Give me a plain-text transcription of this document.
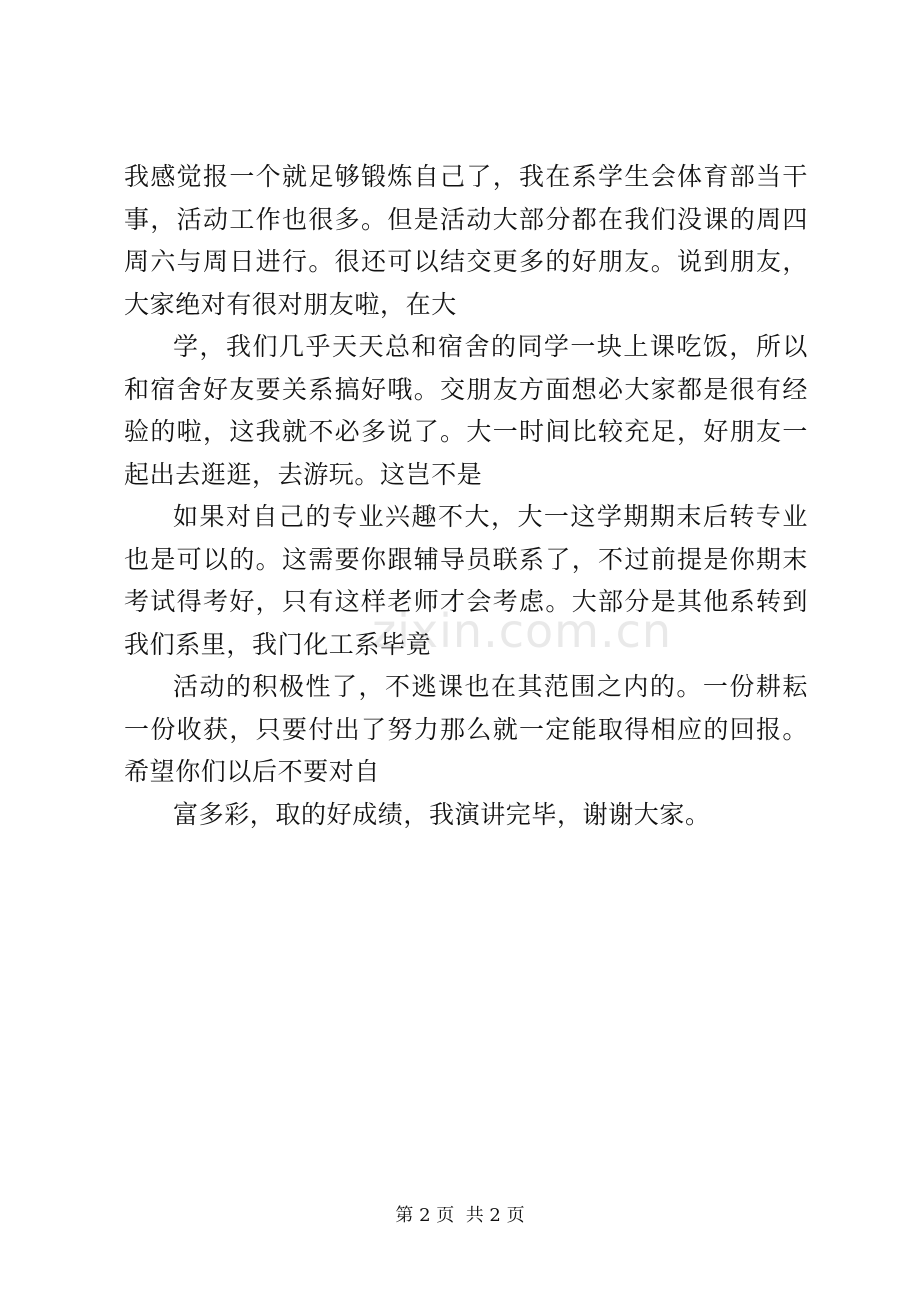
zixin.com.cn

我感觉报一个就足够锻炼自己了，我在系学生会体育部当干事，活动工作也很多。但是活动大部分都在我们没课的周四周六与周日进行。很还可以结交更多的好朋友。说到朋友，大家绝对有很对朋友啦，在大

学，我们几乎天天总和宿舍的同学一块上课吃饭，所以和宿舍好友要关系搞好哦。交朋友方面想必大家都是很有经验的啦，这我就不必多说了。大一时间比较充足，好朋友一起出去逛逛，去游玩。这岂不是

如果对自己的专业兴趣不大，大一这学期期末后转专业也是可以的。这需要你跟辅导员联系了，不过前提是你期末考试得考好，只有这样老师才会考虑。大部分是其他系转到我们系里，我门化工系毕竟

活动的积极性了，不逃课也在其范围之内的。一份耕耘一份收获，只要付出了努力那么就一定能取得相应的回报。希望你们以后不要对自

富多彩，取的好成绩，我演讲完毕，谢谢大家。

第 2 页  共 2 页
